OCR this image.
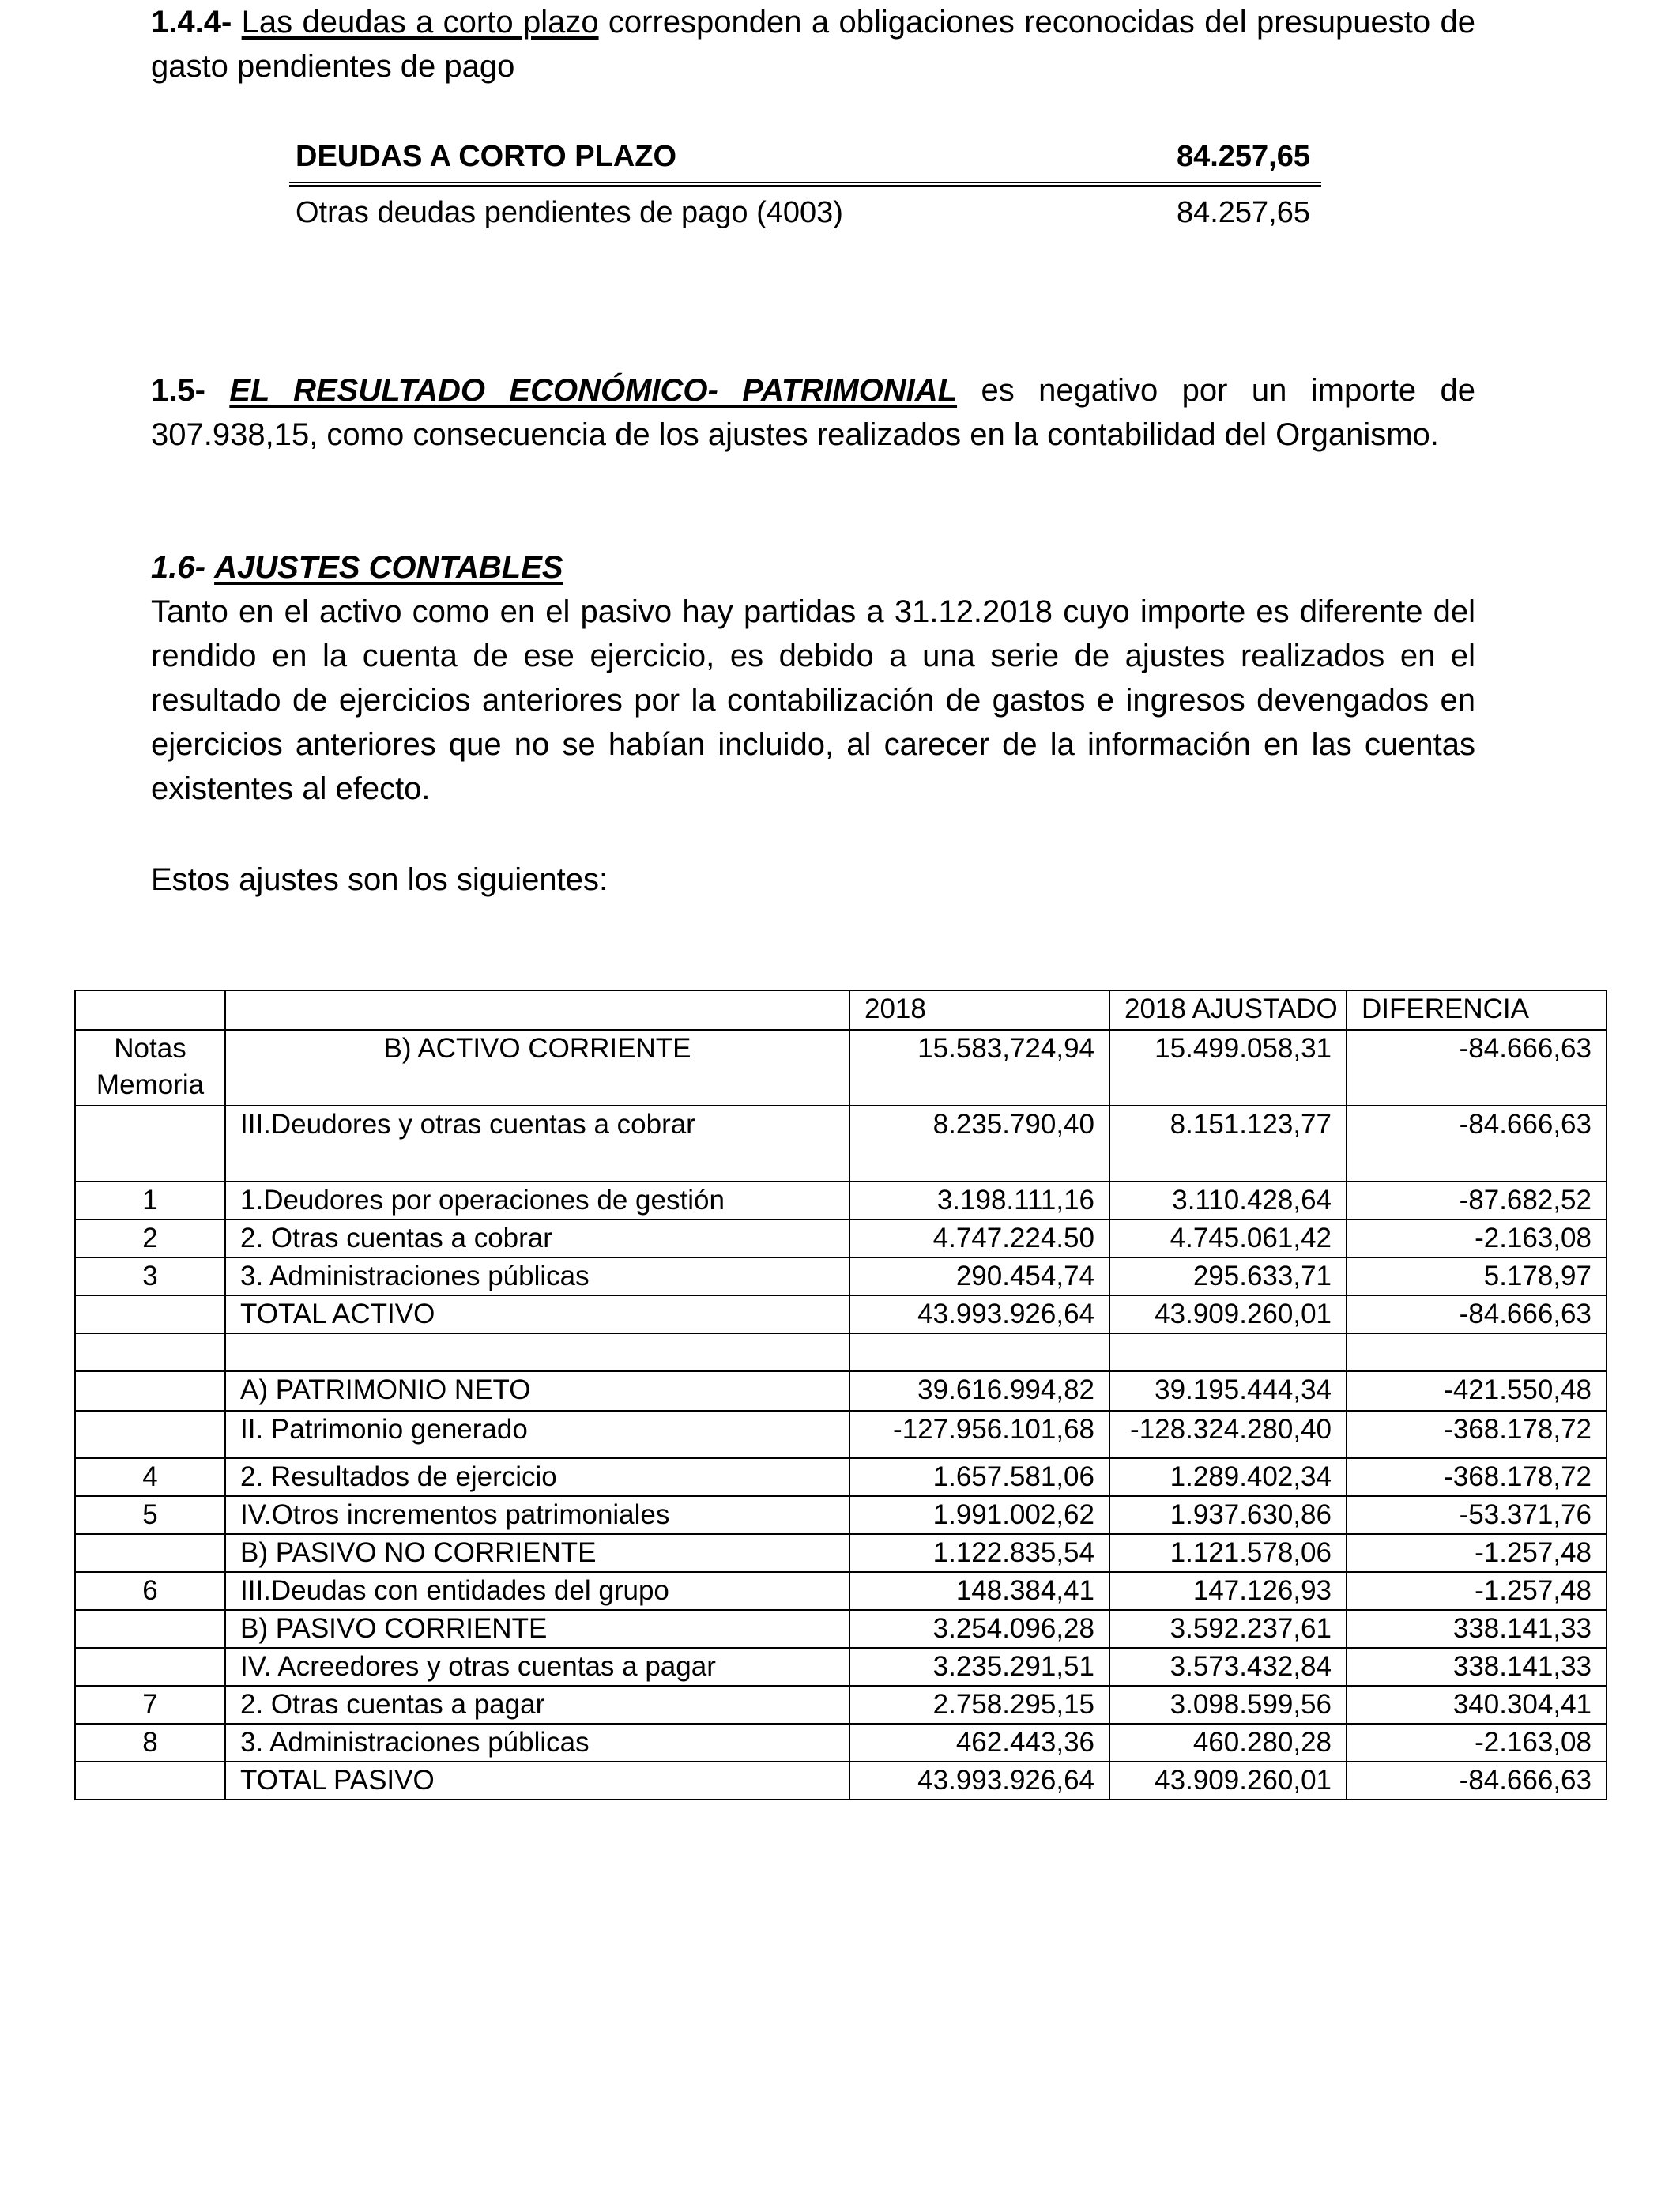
1.4.4- Las deudas a corto plazo corresponden a obligaciones reconocidas del presupuesto de gasto pendientes de pago

DEUDAS A CORTO PLAZO	84.257,65
Otras deudas pendientes de pago (4003)	84.257,65

1.5- EL RESULTADO ECONÓMICO- PATRIMONIAL es negativo por un importe de 307.938,15, como consecuencia de los ajustes realizados en la contabilidad del Organismo.

1.6- AJUSTES CONTABLES

Tanto en el activo como en el pasivo hay partidas a 31.12.2018 cuyo importe es diferente del rendido en la cuenta de ese ejercicio, es debido a una serie de ajustes realizados en el resultado de ejercicios anteriores por la contabilización de gastos e ingresos devengados en ejercicios anteriores que no se habían incluido, al carecer de la información en las cuentas existentes al efecto.

Estos ajustes son los siguientes:

		2018	2018 AJUSTADO	DIFERENCIA
Notas Memoria	B) ACTIVO CORRIENTE	15.583,724,94	15.499.058,31	-84.666,63
	III.Deudores y otras cuentas a cobrar	8.235.790,40	8.151.123,77	-84.666,63
1	1.Deudores por operaciones de gestión	3.198.111,16	3.110.428,64	-87.682,52
2	2. Otras cuentas a cobrar	4.747.224.50	4.745.061,42	-2.163,08
3	3. Administraciones públicas	290.454,74	295.633,71	5.178,97
	TOTAL ACTIVO	43.993.926,64	43.909.260,01	-84.666,63

	A) PATRIMONIO NETO	39.616.994,82	39.195.444,34	-421.550,48
	II. Patrimonio generado	-127.956.101,68	-128.324.280,40	-368.178,72
4	2. Resultados de ejercicio	1.657.581,06	1.289.402,34	-368.178,72
5	IV.Otros incrementos patrimoniales	1.991.002,62	1.937.630,86	-53.371,76
	B) PASIVO NO CORRIENTE	1.122.835,54	1.121.578,06	-1.257,48
6	III.Deudas con entidades del grupo	148.384,41	147.126,93	-1.257,48
	B) PASIVO CORRIENTE	3.254.096,28	3.592.237,61	338.141,33
	IV. Acreedores y otras cuentas a pagar	3.235.291,51	3.573.432,84	338.141,33
7	2. Otras cuentas a pagar	2.758.295,15	3.098.599,56	340.304,41
8	3. Administraciones públicas	462.443,36	460.280,28	-2.163,08
	TOTAL PASIVO	43.993.926,64	43.909.260,01	-84.666,63
